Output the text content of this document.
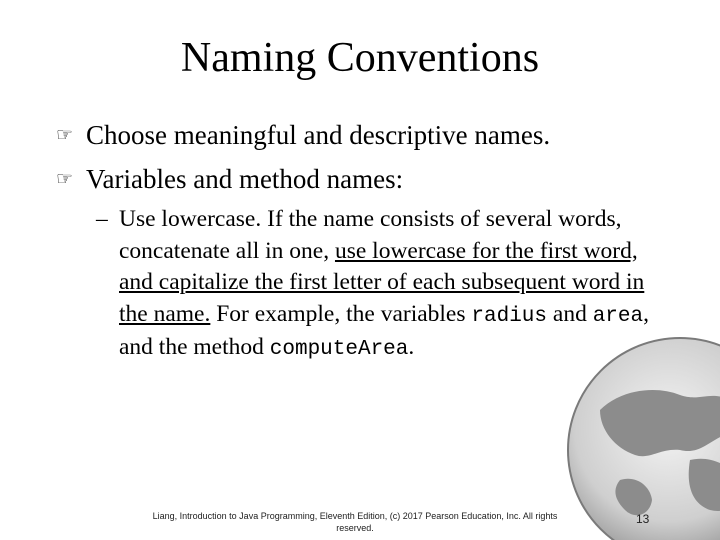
Naming Conventions
☞ Choose meaningful and descriptive names.
☞ Variables and method names:
– Use lowercase. If the name consists of several words, concatenate all in one, use lowercase for the first word, and capitalize the first letter of each subsequent word in the name. For example, the variables radius and area, and the method computeArea.
Liang, Introduction to Java Programming, Eleventh Edition, (c) 2017 Pearson Education, Inc. All rights reserved.
13
